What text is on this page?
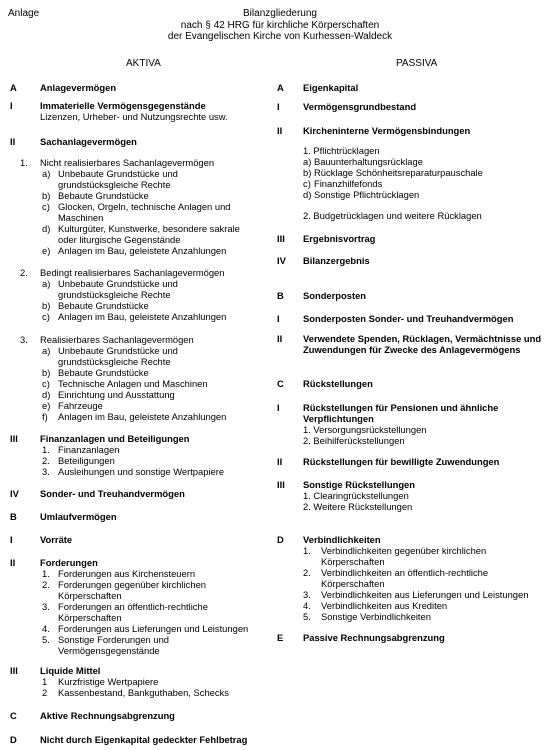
Anlage	Bilanzgliederung
nach § 42 HRG für kirchliche Körperschaften
der Evangelischen Kirche von Kurhessen-Waldeck
AKTIVA	PASSIVA
A Anlagevermögen
I	Immaterielle Vermögensgegenstände
Lizenzen, Urheber- und Nutzungsrechte usw.
II	Sachanlagevermögen
1. Nicht realisierbares Sachanlagevermögen
a) Unbebaute Grundstücke und
grundstücksgleiche Rechte
b) Bebaute Grundstücke
c) Glocken, Orgeln, technische Anlagen und
Maschinen
d) Kulturgüter, Kunstwerke, besondere sakrale
oder liturgische Gegenstände
e) Anlagen im Bau, geleistete Anzahlungen
2. Bedingt realisierbares Sachanlagevermögen
a) Unbebaute Grundstücke und
grundstücksgleiche Rechte
b) Bebaute Grundstücke
c) Anlagen im Bau, geleistete Anzahlungen
3. Realisierbares Sachanlagevermögen
a) Unbebaute Grundstücke und
grundstücksgleiche Rechte
b) Bebaute Grundstücke
c) Technische Anlagen und Maschinen
d) Einrichtung und Ausstattung
e) Fahrzeuge
f) Anlagen im Bau, geleistete Anzahlungen
III Finanzanlagen und Beteiligungen
1. Finanzanlagen
2. Beteiligungen
3. Ausleihungen und sonstige Wertpapiere
IV Sonder- und Treuhandvermögen
B Umlaufvermögen
I	Vorräte
II	Forderungen
1. Forderungen aus Kirchensteuern
2. Forderungen gegenüber kirchlichen
Körperschaften
3. Forderungen an öffentlich-rechtliche
Körperschaften
4. Forderungen aus Lieferungen und Leistungen
5. Sonstige Forderungen und
Vermögensgegenstände
III Liquide Mittel
1 Kurzfristige Wertpapiere
2 Kassenbestand, Bankguthaben, Schecks
C Aktive Rechnungsabgrenzung
D Nicht durch Eigenkapital gedeckter Fehlbetrag
A Eigenkapital
I Vermögensgrundbestand
II Kircheninterne Vermögensbindungen
1. Pflichtrücklagen
a) Bauunterhaltungsrücklage
b) Rücklage Schönheitsreparaturpauschale
c) Finanzhilfefonds
d) Sonstige Pflichtrücklagen
2. Budgetrücklagen und weitere Rücklagen
III Ergebnisvortrag
IV Bilanzergebnis
B Sonderposten
I Sonderposten Sonder- und Treuhandvermögen
II Verwendete Spenden, Rücklagen, Vermächtnisse und
Zuwendungen für Zwecke des Anlagevermögens
C Rückstellungen
I Rückstellungen für Pensionen und ähnliche
Verpflichtungen
1. Versorgungsrückstellungen
2. Beihilferückstellungen
II Rückstellungen für bewilligte Zuwendungen
III Sonstige Rückstellungen
1. Clearingrückstellungen
2. Weitere Rückstellungen
D Verbindlichkeiten
1. Verbindlichkeiten gegenüber kirchlichen
Körperschaften
2. Verbindlichkeiten an öffentlich-rechtliche
Körperschaften
3. Verbindlichkeiten aus Lieferungen und Leistungen
4. Verbindlichkeiten aus Krediten
5. Sonstige Verbindlichkeiten
E Passive Rechnungsabgrenzung
